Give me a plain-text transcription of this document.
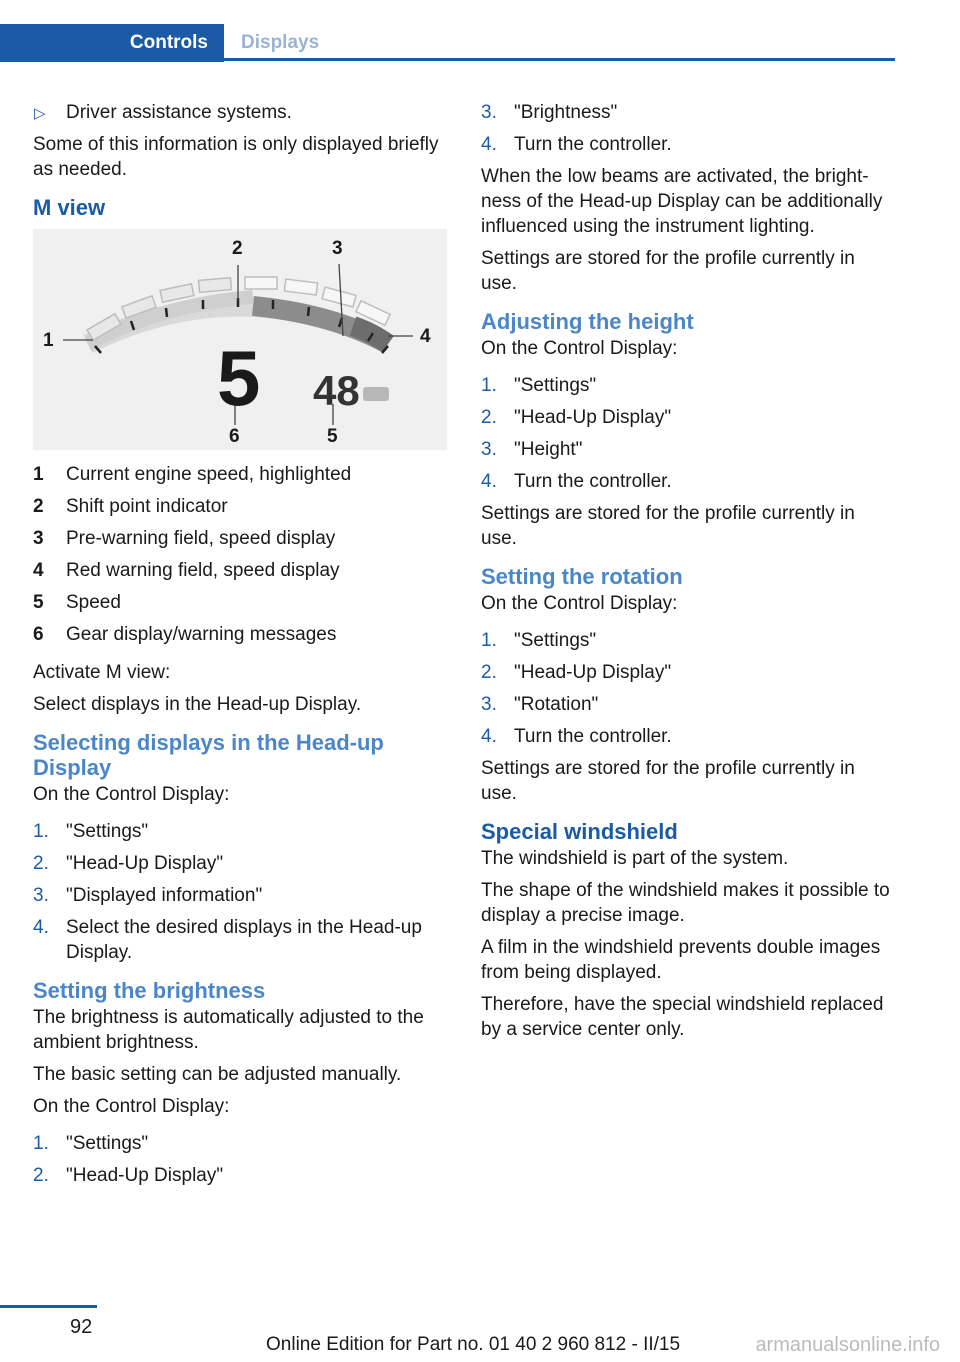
Controls	Displays
▷ Driver assistance systems.

Some of this information is only displayed briefly as needed.

M view
5 48
1
2	3
4
5
6
1 Current engine speed, highlighted
2 Shift point indicator
3 Pre-warning field, speed display
4 Red warning field, speed display
5 Speed
6 Gear display/warning messages

Activate M view:

Select displays in the Head-up Display.

Selecting displays in the Head-up Display

On the Control Display:

1. "Settings"
2. "Head-Up Display"
3. "Displayed information"
4. Select the desired displays in the Head-up Display.
Setting the brightness

The brightness is automatically adjusted to the ambient brightness.

The basic setting can be adjusted manually.

On the Control Display:

1. "Settings"
2. "Head-Up Display"
3. "Brightness"
4. Turn the controller.

When the low beams are activated, the brightness of the Head-up Display can be additionally influenced using the instrument lighting.

Settings are stored for the profile currently in use.

Adjusting the height

On the Control Display:

1. "Settings"
2. "Head-Up Display"
3. "Height"
4. Turn the controller.

Settings are stored for the profile currently in use.

Setting the rotation

On the Control Display:

1. "Settings"
2. "Head-Up Display"
3. "Rotation"
4. Turn the controller.

Settings are stored for the profile currently in use.

Special windshield

The windshield is part of the system.

The shape of the windshield makes it possible to display a precise image.

A film in the windshield prevents double images from being displayed.

Therefore, have the special windshield replaced by a service center only.

92
Online Edition for Part no. 01 40 2 960 812 - II/15	armanualsonline.info
